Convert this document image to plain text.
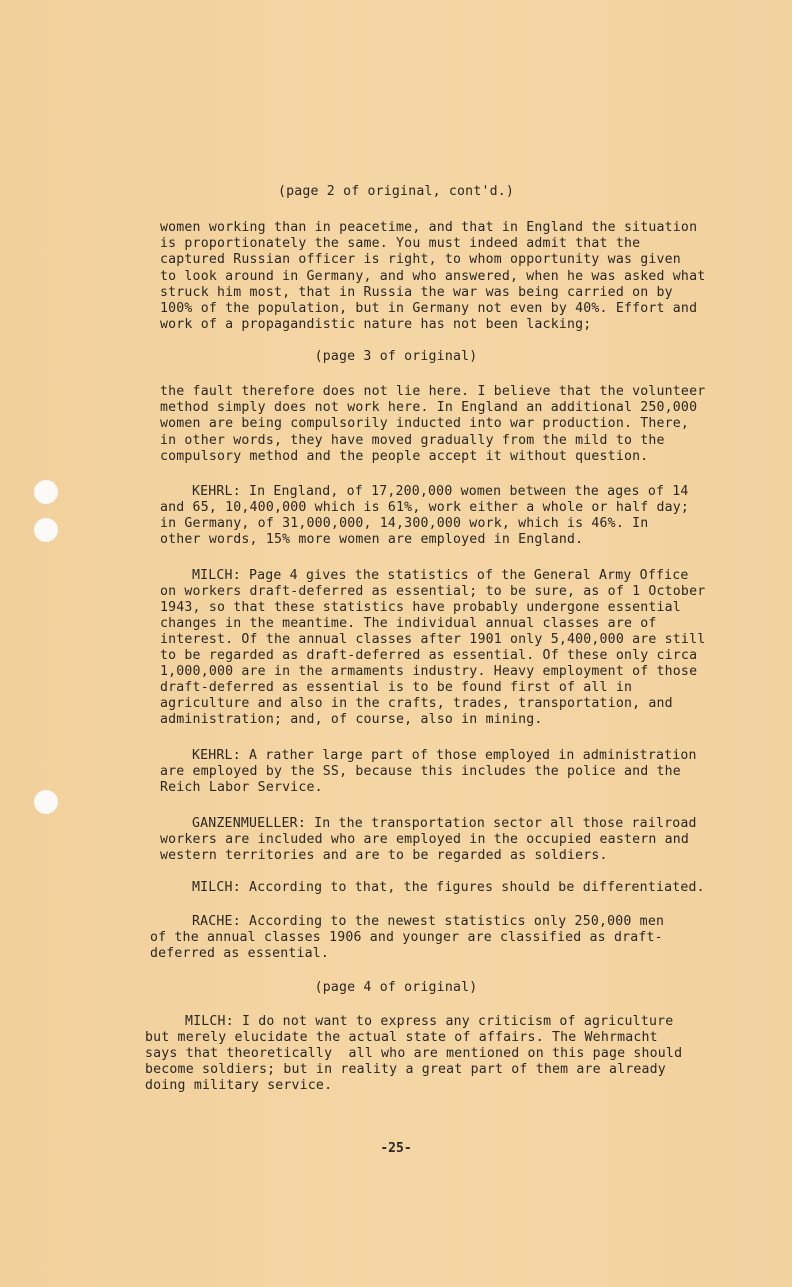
(page 2 of original, cont'd.)
women working than in peacetime, and that in England the situation
is proportionately the same. You must indeed admit that the
captured Russian officer is right, to whom opportunity was given
to look around in Germany, and who answered, when he was asked what
struck him most, that in Russia the war was being carried on by
100% of the population, but in Germany not even by 40%. Effort and
work of a propagandistic nature has not been lacking;
(page 3 of original)
the fault therefore does not lie here. I believe that the volunteer
method simply does not work here. In England an additional 250,000
women are being compulsorily inducted into war production. There,
in other words, they have moved gradually from the mild to the
compulsory method and the people accept it without question.
KEHRL: In England, of 17,200,000 women between the ages of 14
and 65, 10,400,000 which is 61%, work either a whole or half day;
in Germany, of 31,000,000, 14,300,000 work, which is 46%. In
other words, 15% more women are employed in England.
MILCH: Page 4 gives the statistics of the General Army Office
on workers draft-deferred as essential; to be sure, as of 1 October
1943, so that these statistics have probably undergone essential
changes in the meantime. The individual annual classes are of
interest. Of the annual classes after 1901 only 5,400,000 are still
to be regarded as draft-deferred as essential. Of these only circa
1,000,000 are in the armaments industry. Heavy employment of those
draft-deferred as essential is to be found first of all in
agriculture and also in the crafts, trades, transportation, and
administration; and, of course, also in mining.
KEHRL: A rather large part of those employed in administration
are employed by the SS, because this includes the police and the
Reich Labor Service.
GANZENMUELLER: In the transportation sector all those railroad
workers are included who are employed in the occupied eastern and
western territories and are to be regarded as soldiers.
MILCH: According to that, the figures should be differentiated.
RACHE: According to the newest statistics only 250,000 men
of the annual classes 1906 and younger are classified as draft-
deferred as essential.
(page 4 of original)
MILCH: I do not want to express any criticism of agriculture
but merely elucidate the actual state of affairs. The Wehrmacht
says that theoretically  all who are mentioned on this page should
become soldiers; but in reality a great part of them are already
doing military service.
-25-
